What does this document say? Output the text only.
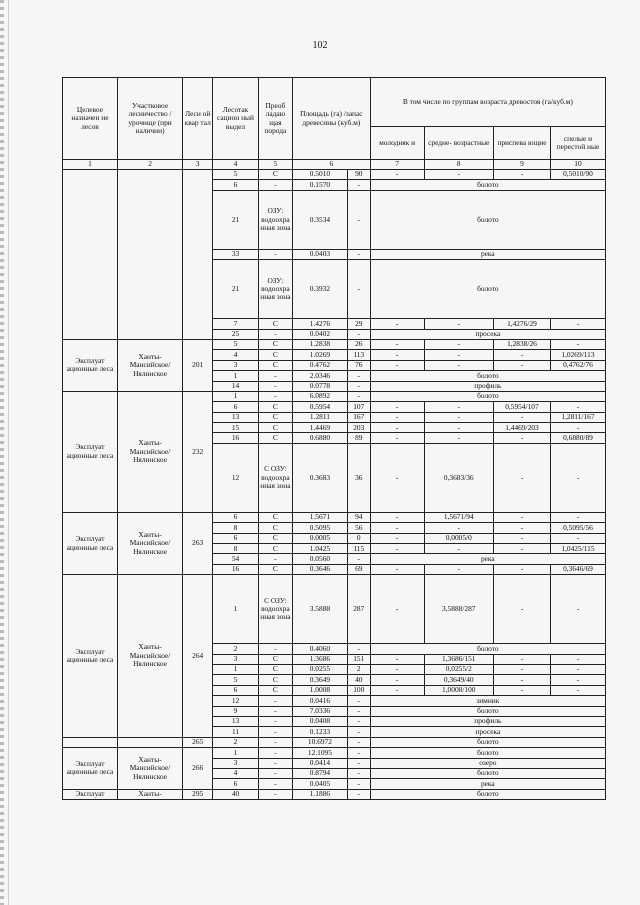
102
Целевое назначен ие лесов	Участковое лесничество /урочище (при наличии)	Лесн ой квар тал	Лесотак сацион ный выдел	Преоб ладаю щая порода	Площадь (га) /запас древесины (куб.м)		В том числе по группам возраста древостоя (га/куб.м)			
							молодняк и	средне- возрастные	приспева ющие	спелые и перестой ные
1	2	3	4	5	6		7	8	9	10
			5	С	0.5010	90	-	-	-	0,5010/90
			6	-	0.1570	-	болото			
			21	ОЗУ: водоохранная зона	0.3534	-	болото			
			33	-	0.0403	-	река			
			21	ОЗУ: водоохранная зона	0.3932	-	болото			
			7	С	1.4276	29	-	-	1,4276/29	-
			25	-	0.0402	-	просека			
Эксплуат ационные леса	Ханты- Мансийское/ Нялинское	201	5	С	1.2838	26	-	-	1,2838/26	-
			4	С	1.0269	113	-	-	-	1,0269/113
			3	С	0.4762	76	-	-	-	0,4762/76
			1	-	2.0346	-	болото			
			14	-	0.0778	-	профиль			
Эксплуат ационные леса	Ханты- Мансийское/ Нялинское	232	1	-	6.0892	-	болото			
			6	С	0.5954	107	-	-	0,5954/107	-
			13	С	1.2811	167	-	-	-	1,2811/167
			15	С	1.4469	203	-	-	1,4469/203	-
			16	С	0.6880	89	-	-	-	0,6880/89
			12	С ОЗУ: водоохранная зона	0.3683	36	-	0,3683/36	-	-
Эксплуат ационные леса	Ханты- Мансийское/ Нялинское	263	6	С	1.5671	94	-	1,5671/94	-	-
			8	С	0.5095	56	-	-	-	0,5095/56
			6	С	0.0005	0	-	0,0005/0	-	-
			8	С	1.0425	115	-	-	-	1,0425/115
			54	-	0.0560	-	река			
			16	С	0.3646	69	-	-	-	0,3646/69
Эксплуат ационные леса	Ханты- Мансийское/ Нялинское	264	1	С ОЗУ: водоохранная зона	3.5888	287	-	3,5888/287	-	-
			2	-	0.4060	-	болото			
			3	С	1.3686	151	-	1,3686/151	-	-
			1	С	0.0255	2	-	0,0255/2	-	-
			5	С	0.3649	40	-	0,3649/40	-	-
			6	С	1.0008	100	-	1,0008/100	-	-
			12	-	0.0416	-	зимник			
			9	-	7.0336	-	болото			
			13	-	0.0408	-	профиль			
			11	-	0.1233	-	просека			
		265	2	-	10.6972	-	болото			
Эксплуат ационные леса	Ханты- Мансийское/ Нялинское	266	1	-	12.1095	-	болото			
			3	-	0.0414	-	озеро			
			4	-	0.8794	-	болото			
			6	-	0.0405	-	река			
Эксплуат	Ханты-	295	40	-	1.1886	-	болото			
